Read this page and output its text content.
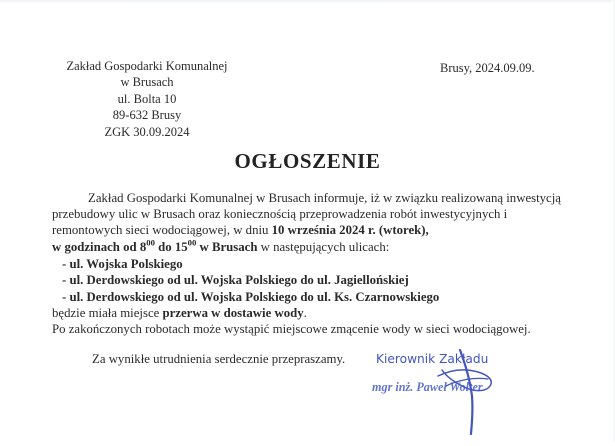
Zakład Gospodarki Komunalnej
w Brusach
ul. Bolta 10
89-632 Brusy
ZGK 30.09.2024
Brusy, 2024.09.09.
OGŁOSZENIE

Zakład Gospodarki Komunalnej w Brusach informuje, iż w związku realizowaną inwestycją przebudowy ulic w Brusach oraz koniecznością przeprowadzenia robót inwestycyjnych i remontowych sieci wodociągowej, w dniu 10 września 2024 r. (wtorek),

w godzinach od $8^{00}$ do $15^{00}$ w Brusach w następujących ulicach:

- ul. Wojska Polskiego
- ul. Derdowskiego od ul. Wojska Polskiego do ul. Jagiellońskiej
- ul. Derdowskiego od ul. Wojska Polskiego do ul. Ks. Czarnowskiego

będzie miała miejsce przerwa w dostawie wody.

Po zakończonych robotach może wystąpić miejscowe zmącenie wody w sieci wodociągowej.

Za wynikłe utrudnienia serdecznie przepraszamy.	Kierownik Zakładu
mgr inż. Paweł Wolter
